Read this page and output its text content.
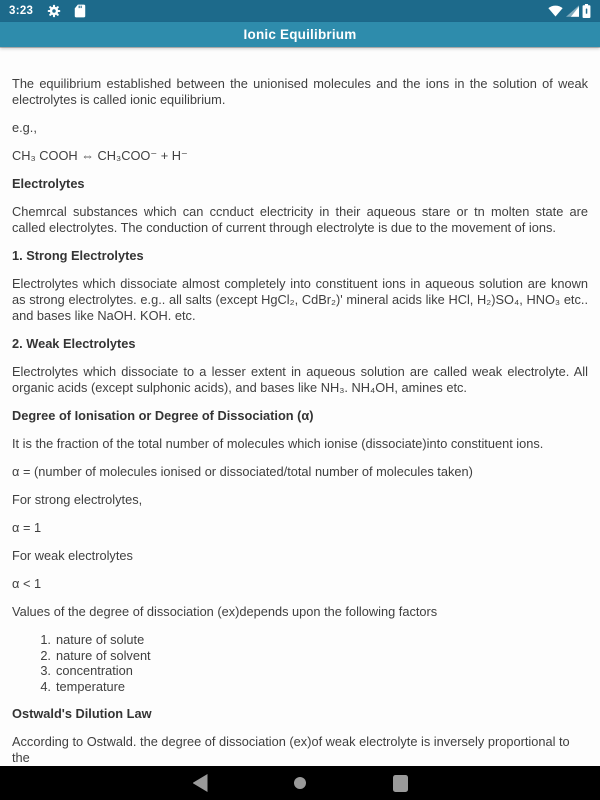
3:23
Ionic Equilibrium

The equilibrium established between the unionised molecules and the ions in the solution of weak electrolytes is called ionic equilibrium.

e.g.,

CH₃ COOH ⇔ CH₃COO⁻ + H⁻

Electrolytes

Chemrcal substances which can ccnduct electricity in their aqueous stare or tn molten state are called electrolytes. The conduction of current through electrolyte is due to the movement of ions.

1. Strong Electrolytes

Electrolytes which dissociate almost completely into constituent ions in aqueous solution are known as strong electrolytes. e.g.. all salts (except HgCl₂, CdBr₂)' mineral acids like HCl, H₂)SO₄, HNO₃ etc.. and bases like NaOH. KOH. etc.

2. Weak Electrolytes

Electrolytes which dissociate to a lesser extent in aqueous solution are called weak electrolyte. All organic acids (except sulphonic acids), and bases like NH₃. NH₄OH, amines etc.

Degree of Ionisation or Degree of Dissociation (α)

It is the fraction of the total number of molecules which ionise (dissociate)into constituent ions.

α = (number of molecules ionised or dissociated/total number of molecules taken)

For strong electrolytes,

α = 1

For weak electrolytes

α < 1

Values of the degree of dissociation (ex)depends upon the following factors

1. nature of solute
2. nature of solvent
3. concentration
4. temperature
Ostwald's Dilution Law

According to Ostwald. the degree of dissociation (ex)of weak electrolyte is inversely proportional to the
